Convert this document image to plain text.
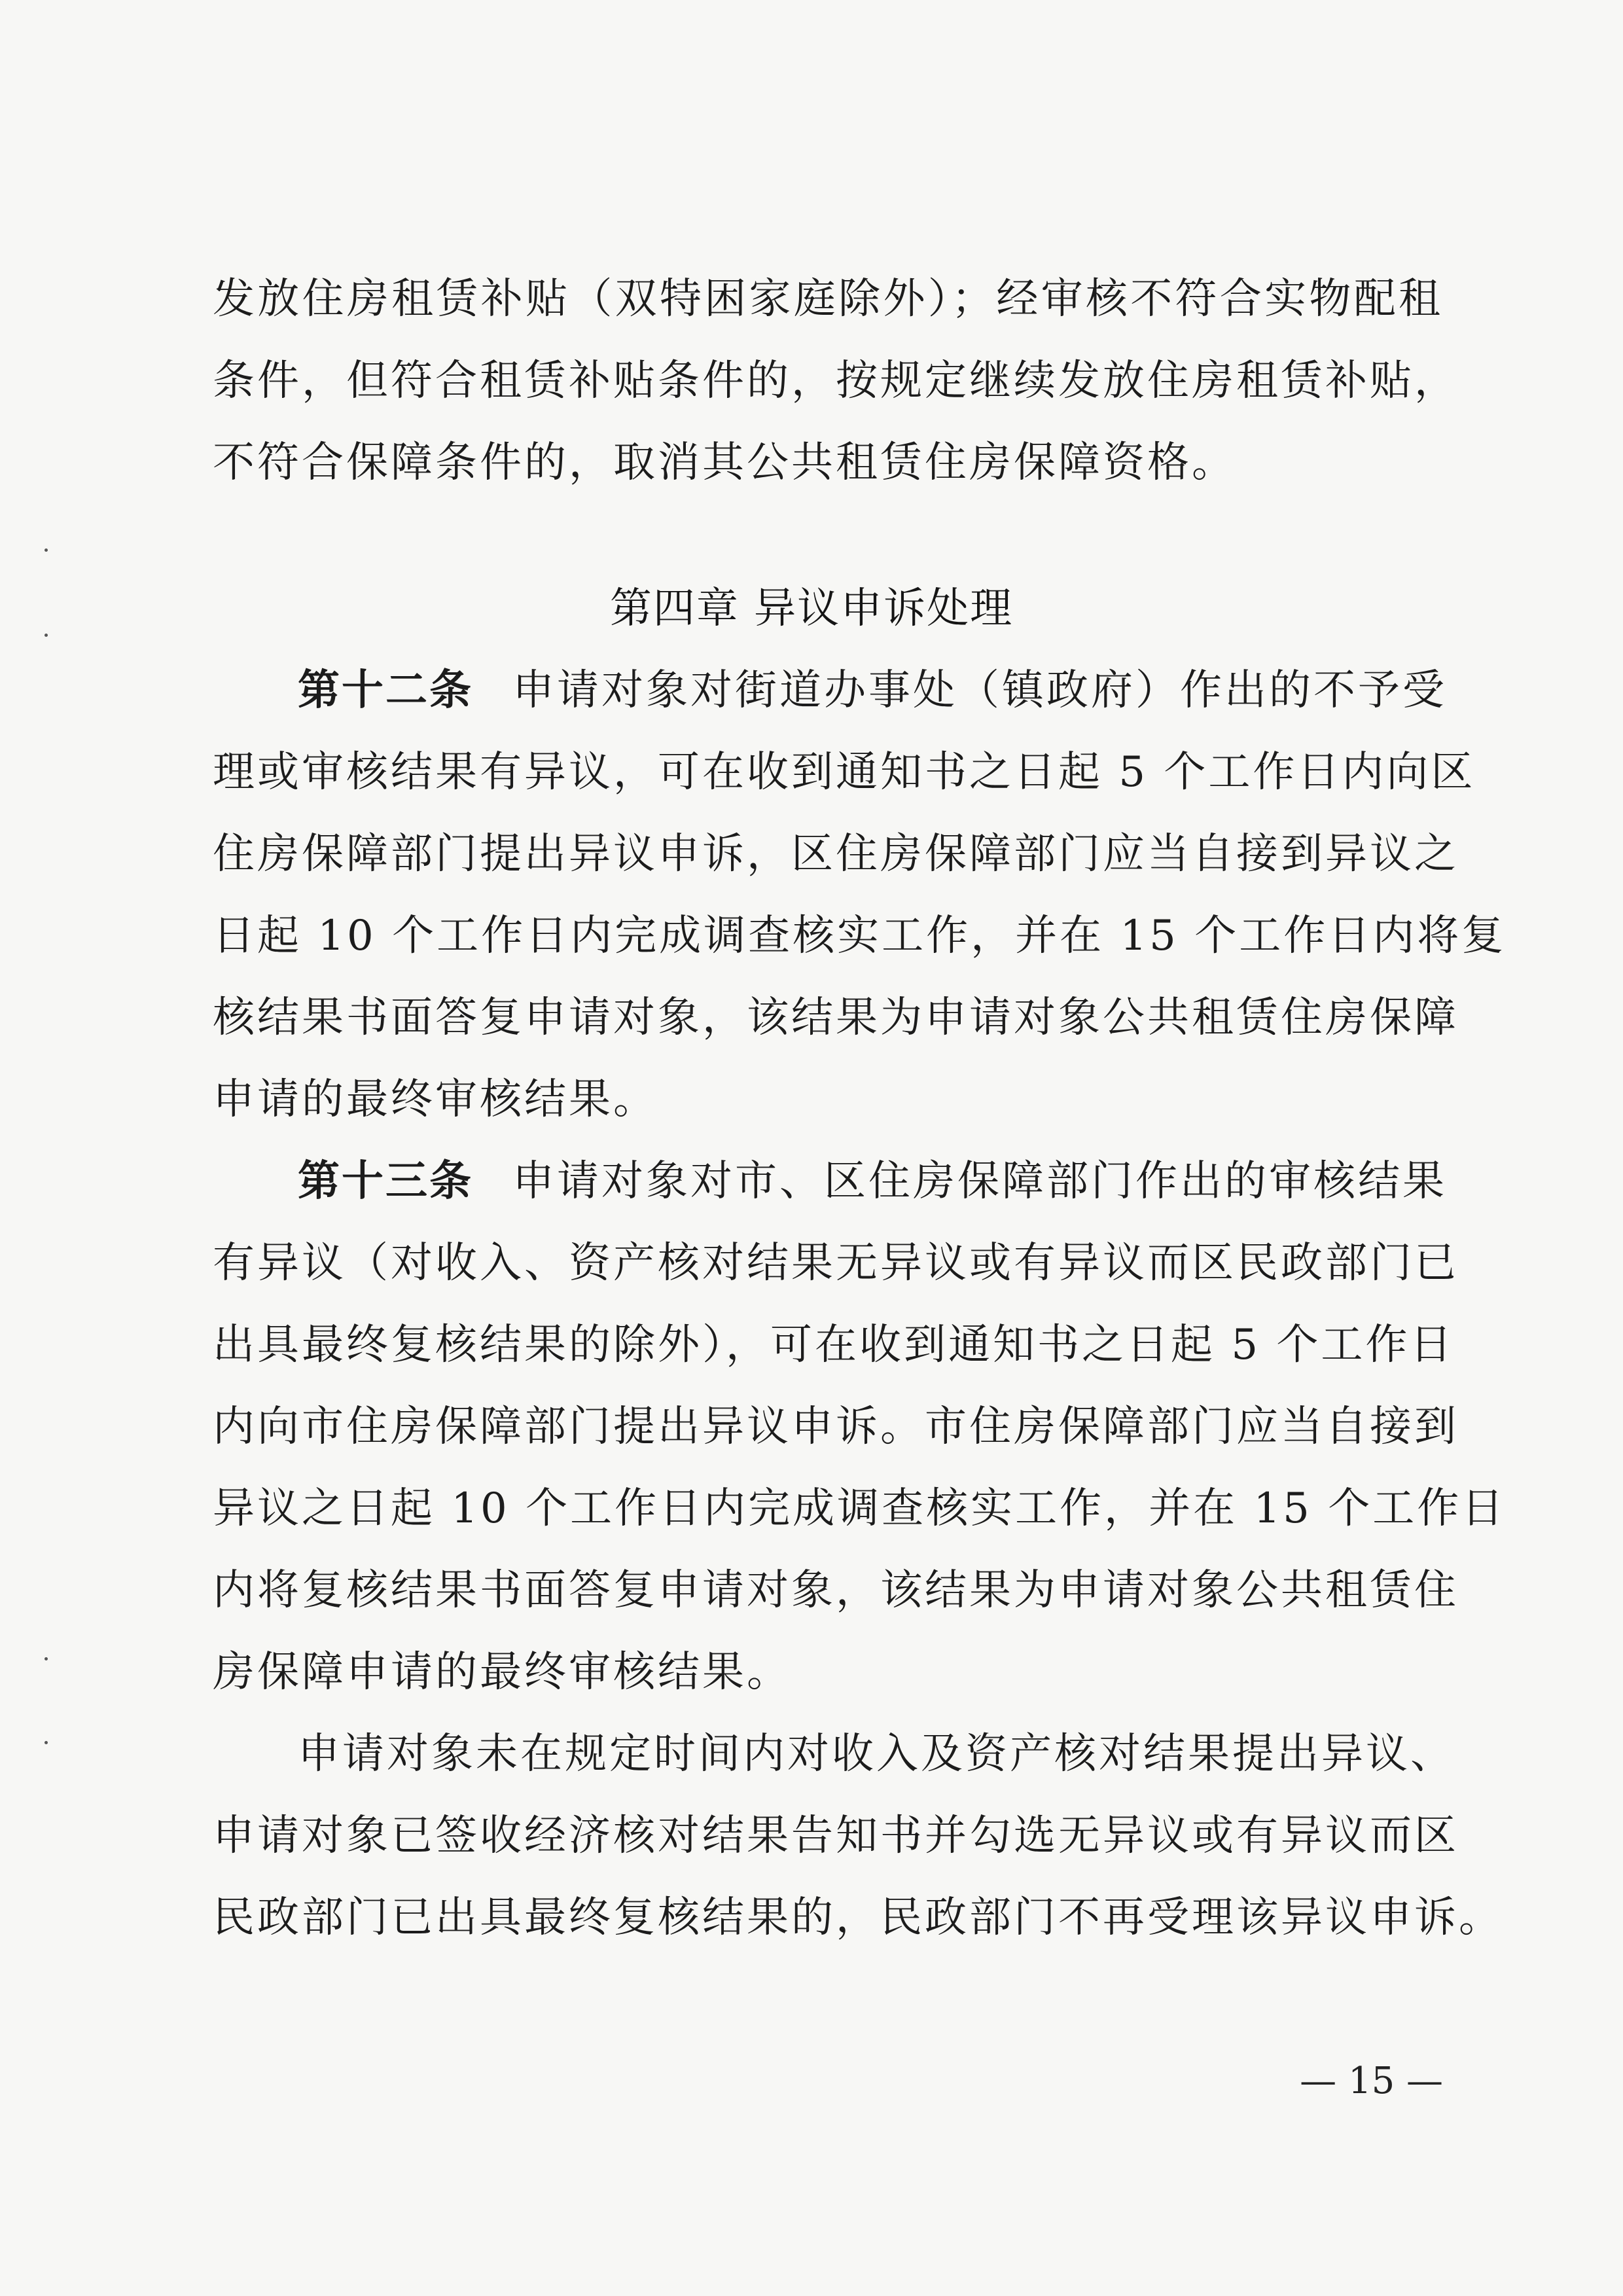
发放住房租赁补贴（双特困家庭除外）；经审核不符合实物配租
条件，但符合租赁补贴条件的，按规定继续发放住房租赁补贴，
不符合保障条件的，取消其公共租赁住房保障资格。
第四章 异议申诉处理
第十二条 申请对象对街道办事处（镇政府）作出的不予受
理或审核结果有异议，可在收到通知书之日起 5 个工作日内向区
住房保障部门提出异议申诉，区住房保障部门应当自接到异议之
日起 10 个工作日内完成调查核实工作，并在 15 个工作日内将复
核结果书面答复申请对象，该结果为申请对象公共租赁住房保障
申请的最终审核结果。
第十三条 申请对象对市、区住房保障部门作出的审核结果
有异议（对收入、资产核对结果无异议或有异议而区民政部门已
出具最终复核结果的除外），可在收到通知书之日起 5 个工作日
内向市住房保障部门提出异议申诉。市住房保障部门应当自接到
异议之日起 10 个工作日内完成调查核实工作，并在 15 个工作日
内将复核结果书面答复申请对象，该结果为申请对象公共租赁住
房保障申请的最终审核结果。
申请对象未在规定时间内对收入及资产核对结果提出异议、
申请对象已签收经济核对结果告知书并勾选无异议或有异议而区
民政部门已出具最终复核结果的，民政部门不再受理该异议申诉。
— 15 —
